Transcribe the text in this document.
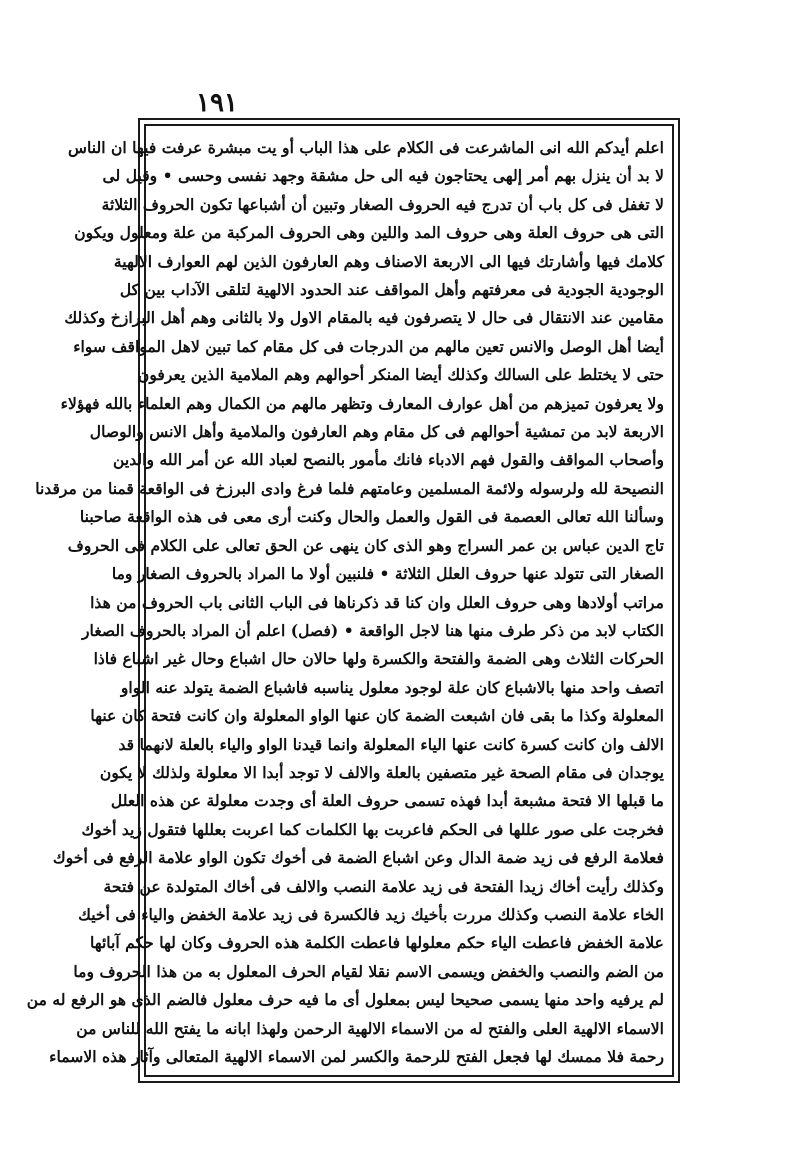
١٩١
اعلم أيدكم الله انى الماشرعت فى الكلام على هذا الباب أو يت مبشرة عرفت فيها ان الناس
لا بد أن ينزل بهم أمر إلهى يحتاجون فيه الى حل مشقة وجهد نفسى وحسى • وقيل لى
لا تغفل فى كل باب أن تدرج فيه الحروف الصغار وتبين أن أشباعها تكون الحروف الثلاثة
التى هى حروف العلة وهى حروف المد واللين وهى الحروف المركبة من علة ومعلول ويكون
كلامك فيها وأشارتك فيها الى الاربعة الاصناف وهم العارفون الذين لهم العوارف الالهية
الوجودية الجودية فى معرفتهم وأهل المواقف عند الحدود الالهية لتلقى الآداب بين كل
مقامين عند الانتقال فى حال لا يتصرفون فيه بالمقام الاول ولا بالثانى وهم أهل البرازخ وكذلك
أيضا أهل الوصل والانس تعين مالهم من الدرجات فى كل مقام كما تبين لاهل المواقف سواء
حتى لا يختلط على السالك وكذلك أيضا المنكر أحوالهم وهم الملامية الذين يعرفون
ولا يعرفون تميزهم من أهل عوارف المعارف وتظهر مالهم من الكمال وهم العلماء بالله فهؤلاء
الاربعة لابد من تمشية أحوالهم فى كل مقام وهم العارفون والملامية وأهل الانس والوصال
وأصحاب المواقف والقول فهم الادباء فانك مأمور بالنصح لعباد الله عن أمر الله والدين
النصيحة لله ولرسوله ولائمة المسلمين وعامتهم فلما فرغ وادى البرزخ فى الواقعة قمنا من مرقدنا
وسألنا الله تعالى العصمة فى القول والعمل والحال وكنت أرى معى فى هذه الواقعة صاحبنا
تاج الدين عباس بن عمر السراج وهو الذى كان ينهى عن الحق تعالى على الكلام فى الحروف
الصغار التى تتولد عنها حروف العلل الثلاثة • فلنبين أولا ما المراد بالحروف الصغار وما
مراتب أولادها وهى حروف العلل وان كنا قد ذكرناها فى الباب الثانى باب الحروف من هذا
الكتاب لابد من ذكر طرف منها هنا لاجل الواقعة • (فصل) اعلم أن المراد بالحروف الصغار
الحركات الثلاث وهى الضمة والفتحة والكسرة ولها حالان حال اشباع وحال غير اشباع فاذا
اتصف واحد منها بالاشباع كان علة لوجود معلول يناسبه فاشباع الضمة يتولد عنه الواو
المعلولة وكذا ما بقى فان اشبعت الضمة كان عنها الواو المعلولة وان كانت فتحة كان عنها
الالف وان كانت كسرة كانت عنها الياء المعلولة وانما قيدنا الواو والياء بالعلة لانهما قد
يوجدان فى مقام الصحة غير متصفين بالعلة والالف لا توجد أبدا الا معلولة ولذلك لا يكون
ما قبلها الا فتحة مشبعة أبدا فهذه تسمى حروف العلة أى وجدت معلولة عن هذه العلل
فخرجت على صور عللها فى الحكم فاعربت بها الكلمات كما اعربت بعللها فتقول زيد أخوك
فعلامة الرفع فى زيد ضمة الدال وعن اشباع الضمة فى أخوك تكون الواو علامة الرفع فى أخوك
وكذلك رأيت أخاك زيدا الفتحة فى زيد علامة النصب والالف فى أخاك المتولدة عن فتحة
الخاء علامة النصب وكذلك مررت بأخيك زيد فالكسرة فى زيد علامة الخفض والياء فى أخيك
علامة الخفض فاعطت الياء حكم معلولها فاعطت الكلمة هذه الحروف وكان لها حكم آبائها
من الضم والنصب والخفض ويسمى الاسم نقلا لقيام الحرف المعلول به من هذا الحروف وما
لم يرفيه واحد منها يسمى صحيحا ليس بمعلول أى ما فيه حرف معلول فالضم الذى هو الرفع له من
الاسماء الالهية العلى والفتح له من الاسماء الالهية الرحمن ولهذا ابانه ما يفتح الله للناس من
رحمة فلا ممسك لها فجعل الفتح للرحمة والكسر لمن الاسماء الالهية المتعالى وآثار هذه الاسماء
